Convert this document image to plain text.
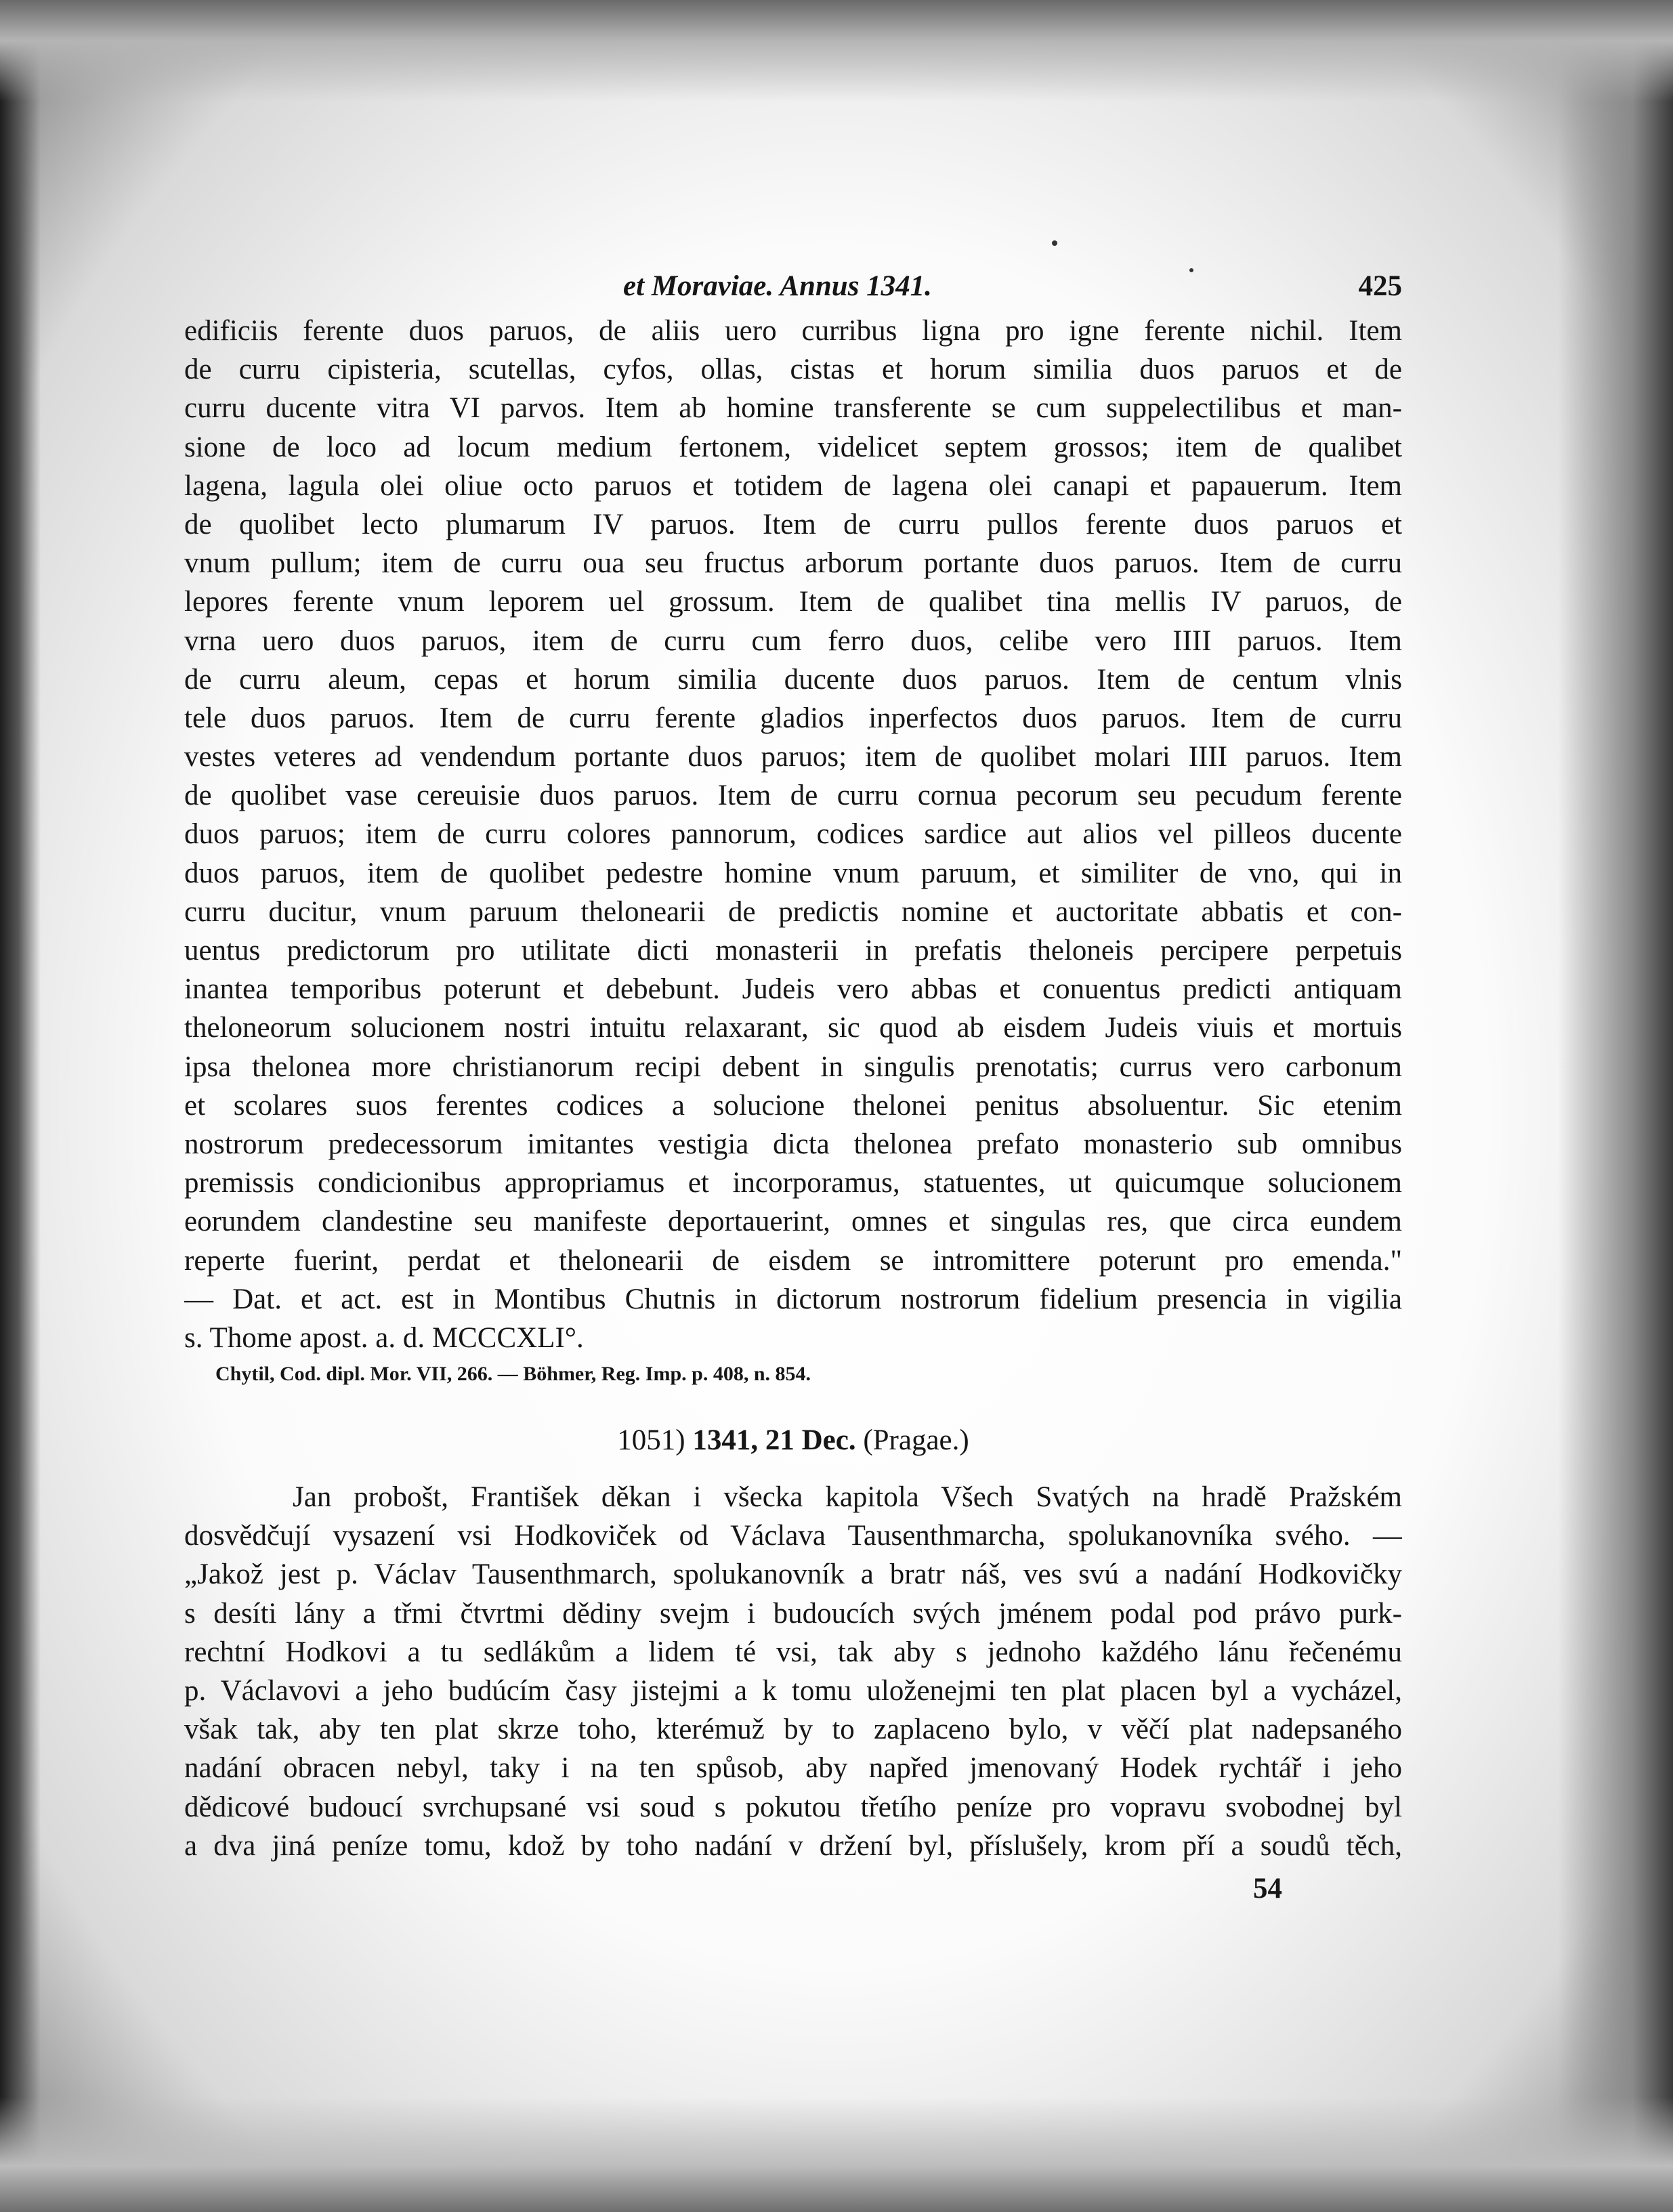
et Moraviae. Annus 1341.	425
edificiis ferente duos paruos, de aliis uero curribus ligna pro igne ferente nichil. Item
de curru cipisteria, scutellas, cyfos, ollas, cistas et horum similia duos paruos et de
curru ducente vitra VI parvos. Item ab homine transferente se cum suppelectilibus et man-
sione de loco ad locum medium fertonem, videlicet septem grossos; item de qualibet
lagena, lagula olei oliue octo paruos et totidem de lagena olei canapi et papauerum. Item
de quolibet lecto plumarum IV paruos. Item de curru pullos ferente duos paruos et
vnum pullum; item de curru oua seu fructus arborum portante duos paruos. Item de curru
lepores ferente vnum leporem uel grossum. Item de qualibet tina mellis IV paruos, de
vrna uero duos paruos, item de curru cum ferro duos, celibe vero IIII paruos. Item
de curru aleum, cepas et horum similia ducente duos paruos. Item de centum vlnis
tele duos paruos. Item de curru ferente gladios inperfectos duos paruos. Item de curru
vestes veteres ad vendendum portante duos paruos; item de quolibet molari IIII paruos. Item
de quolibet vase cereuisie duos paruos. Item de curru cornua pecorum seu pecudum ferente
duos paruos; item de curru colores pannorum, codices sardice aut alios vel pilleos ducente
duos paruos, item de quolibet pedestre homine vnum paruum, et similiter de vno, qui in
curru ducitur, vnum paruum thelonearii de predictis nomine et auctoritate abbatis et con-
uentus predictorum pro utilitate dicti monasterii in prefatis theloneis percipere perpetuis
inantea temporibus poterunt et debebunt. Judeis vero abbas et conuentus predicti antiquam
theloneorum solucionem nostri intuitu relaxarant, sic quod ab eisdem Judeis viuis et mortuis
ipsa thelonea more christianorum recipi debent in singulis prenotatis; currus vero carbonum
et scolares suos ferentes codices a solucione thelonei penitus absoluentur. Sic etenim
nostrorum predecessorum imitantes vestigia dicta thelonea prefato monasterio sub omnibus
premissis condicionibus appropriamus et incorporamus, statuentes, ut quicumque solucionem
eorundem clandestine seu manifeste deportauerint, omnes et singulas res, que circa eundem
reperte fuerint, perdat et thelonearii de eisdem se intromittere poterunt pro emenda."
— Dat. et act. est in Montibus Chutnis in dictorum nostrorum fidelium presencia in vigilia
s. Thome apost. a. d. MCCCXLI°.
Chytil, Cod. dipl. Mor. VII, 266. — Böhmer, Reg. Imp. p. 408, n. 854.
1051) 1341, 21 Dec. (Pragae.)
Jan probošt, František děkan i všecka kapitola Všech Svatých na hradě Pražském
dosvědčují vysazení vsi Hodkoviček od Václava Tausenthmarcha, spolukanovníka svého. —
„Jakož jest p. Václav Tausenthmarch, spolukanovník a bratr náš, ves svú a nadání Hodkovičky
s desíti lány a třmi čtvrtmi dědiny svejm i budoucích svých jménem podal pod právo purk-
rechtní Hodkovi a tu sedlákům a lidem té vsi, tak aby s jednoho každého lánu řečenému
p. Václavovi a jeho budúcím časy jistejmi a k tomu uloženejmi ten plat placen byl a vycházel,
však tak, aby ten plat skrze toho, kterémuž by to zaplaceno bylo, v věčí plat nadepsaného
nadání obracen nebyl, taky i na ten spůsob, aby napřed jmenovaný Hodek rychtář i jeho
dědicové budoucí svrchupsané vsi soud s pokutou třetího peníze pro vopravu svobodnej byl
a dva jiná peníze tomu, kdož by toho nadání v držení byl, příslušely, krom pří a soudů těch,
54
